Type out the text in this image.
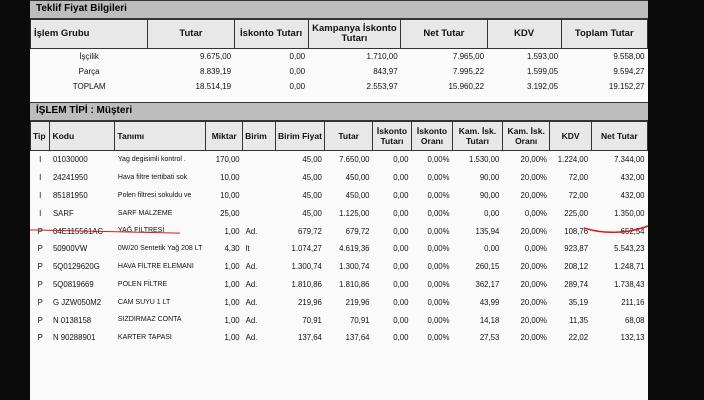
Teklif Fiyat Bilgileri
İşlem Grubu	Tutar	İskonto Tutarı	Kampanya İskonto Tutarı	Net Tutar	KDV	Toplam Tutar
İşçilik	9.675,00	0,00	1.710,00	7.965,00	1.593,00	9.558,00
Parça	8.839,19	0,00	843,97	7.995,22	1.599,05	9.594,27
TOPLAM	18.514,19	0,00	2.553,97	15.960,22	3.192,05	19.152,27
İŞLEM TİPİ : Müşteri
Tip	Kodu	Tanımı	Miktar	Birim	Birim Fiyat	Tutar	İskonto Tutarı	İskonto Oranı	Kam. İsk. Tutarı	Kam. İsk. Oranı	KDV	Net Tutar
I	01030000	Yag degisimli kontrol .	170,00		45,00	7.650,00	0,00	0,00%	1.530,00	20,00%	1.224,00	7.344,00
I	24241950	Hava filtre tertibati sok	10,00		45,00	450,00	0,00	0,00%	90,00	20,00%	72,00	432,00
I	85181950	Polen filtresi sokuldu ve	10,00		45,00	450,00	0,00	0,00%	90,00	20,00%	72,00	432,00
I	SARF	SARF MALZEME	25,00		45,00	1.125,00	0,00	0,00%	0,00	0,00%	225,00	1.350,00
P	04E115561AC	YAĞ FİLTRESİ	1,00	Ad.	679,72	679,72	0,00	0,00%	135,94	20,00%	108,76	652,54
P	50900VW	0W/20 Sentetik Yağ 208 LT	4,30	lt	1.074,27	4.619,36	0,00	0,00%	0,00	0,00%	923,87	5.543,23
P	5Q0129620G	HAVA FİLTRE ELEMANI	1,00	Ad.	1.300,74	1.300,74	0,00	0,00%	260,15	20,00%	208,12	1.248,71
P	5Q0819669	POLEN FİLTRE	1,00	Ad.	1.810,86	1.810,86	0,00	0,00%	362,17	20,00%	289,74	1.738,43
P	G JZW050M2	CAM SUYU 1 LT	1,00	Ad.	219,96	219,96	0,00	0,00%	43,99	20,00%	35,19	211,16
P	N 0138158	SIZDIRMAZ CONTA	1,00	Ad.	70,91	70,91	0,00	0,00%	14,18	20,00%	11,35	68,08
P	N 90288901	KARTER TAPASI	1,00	Ad.	137,64	137,64	0,00	0,00%	27,53	20,00%	22,02	132,13
